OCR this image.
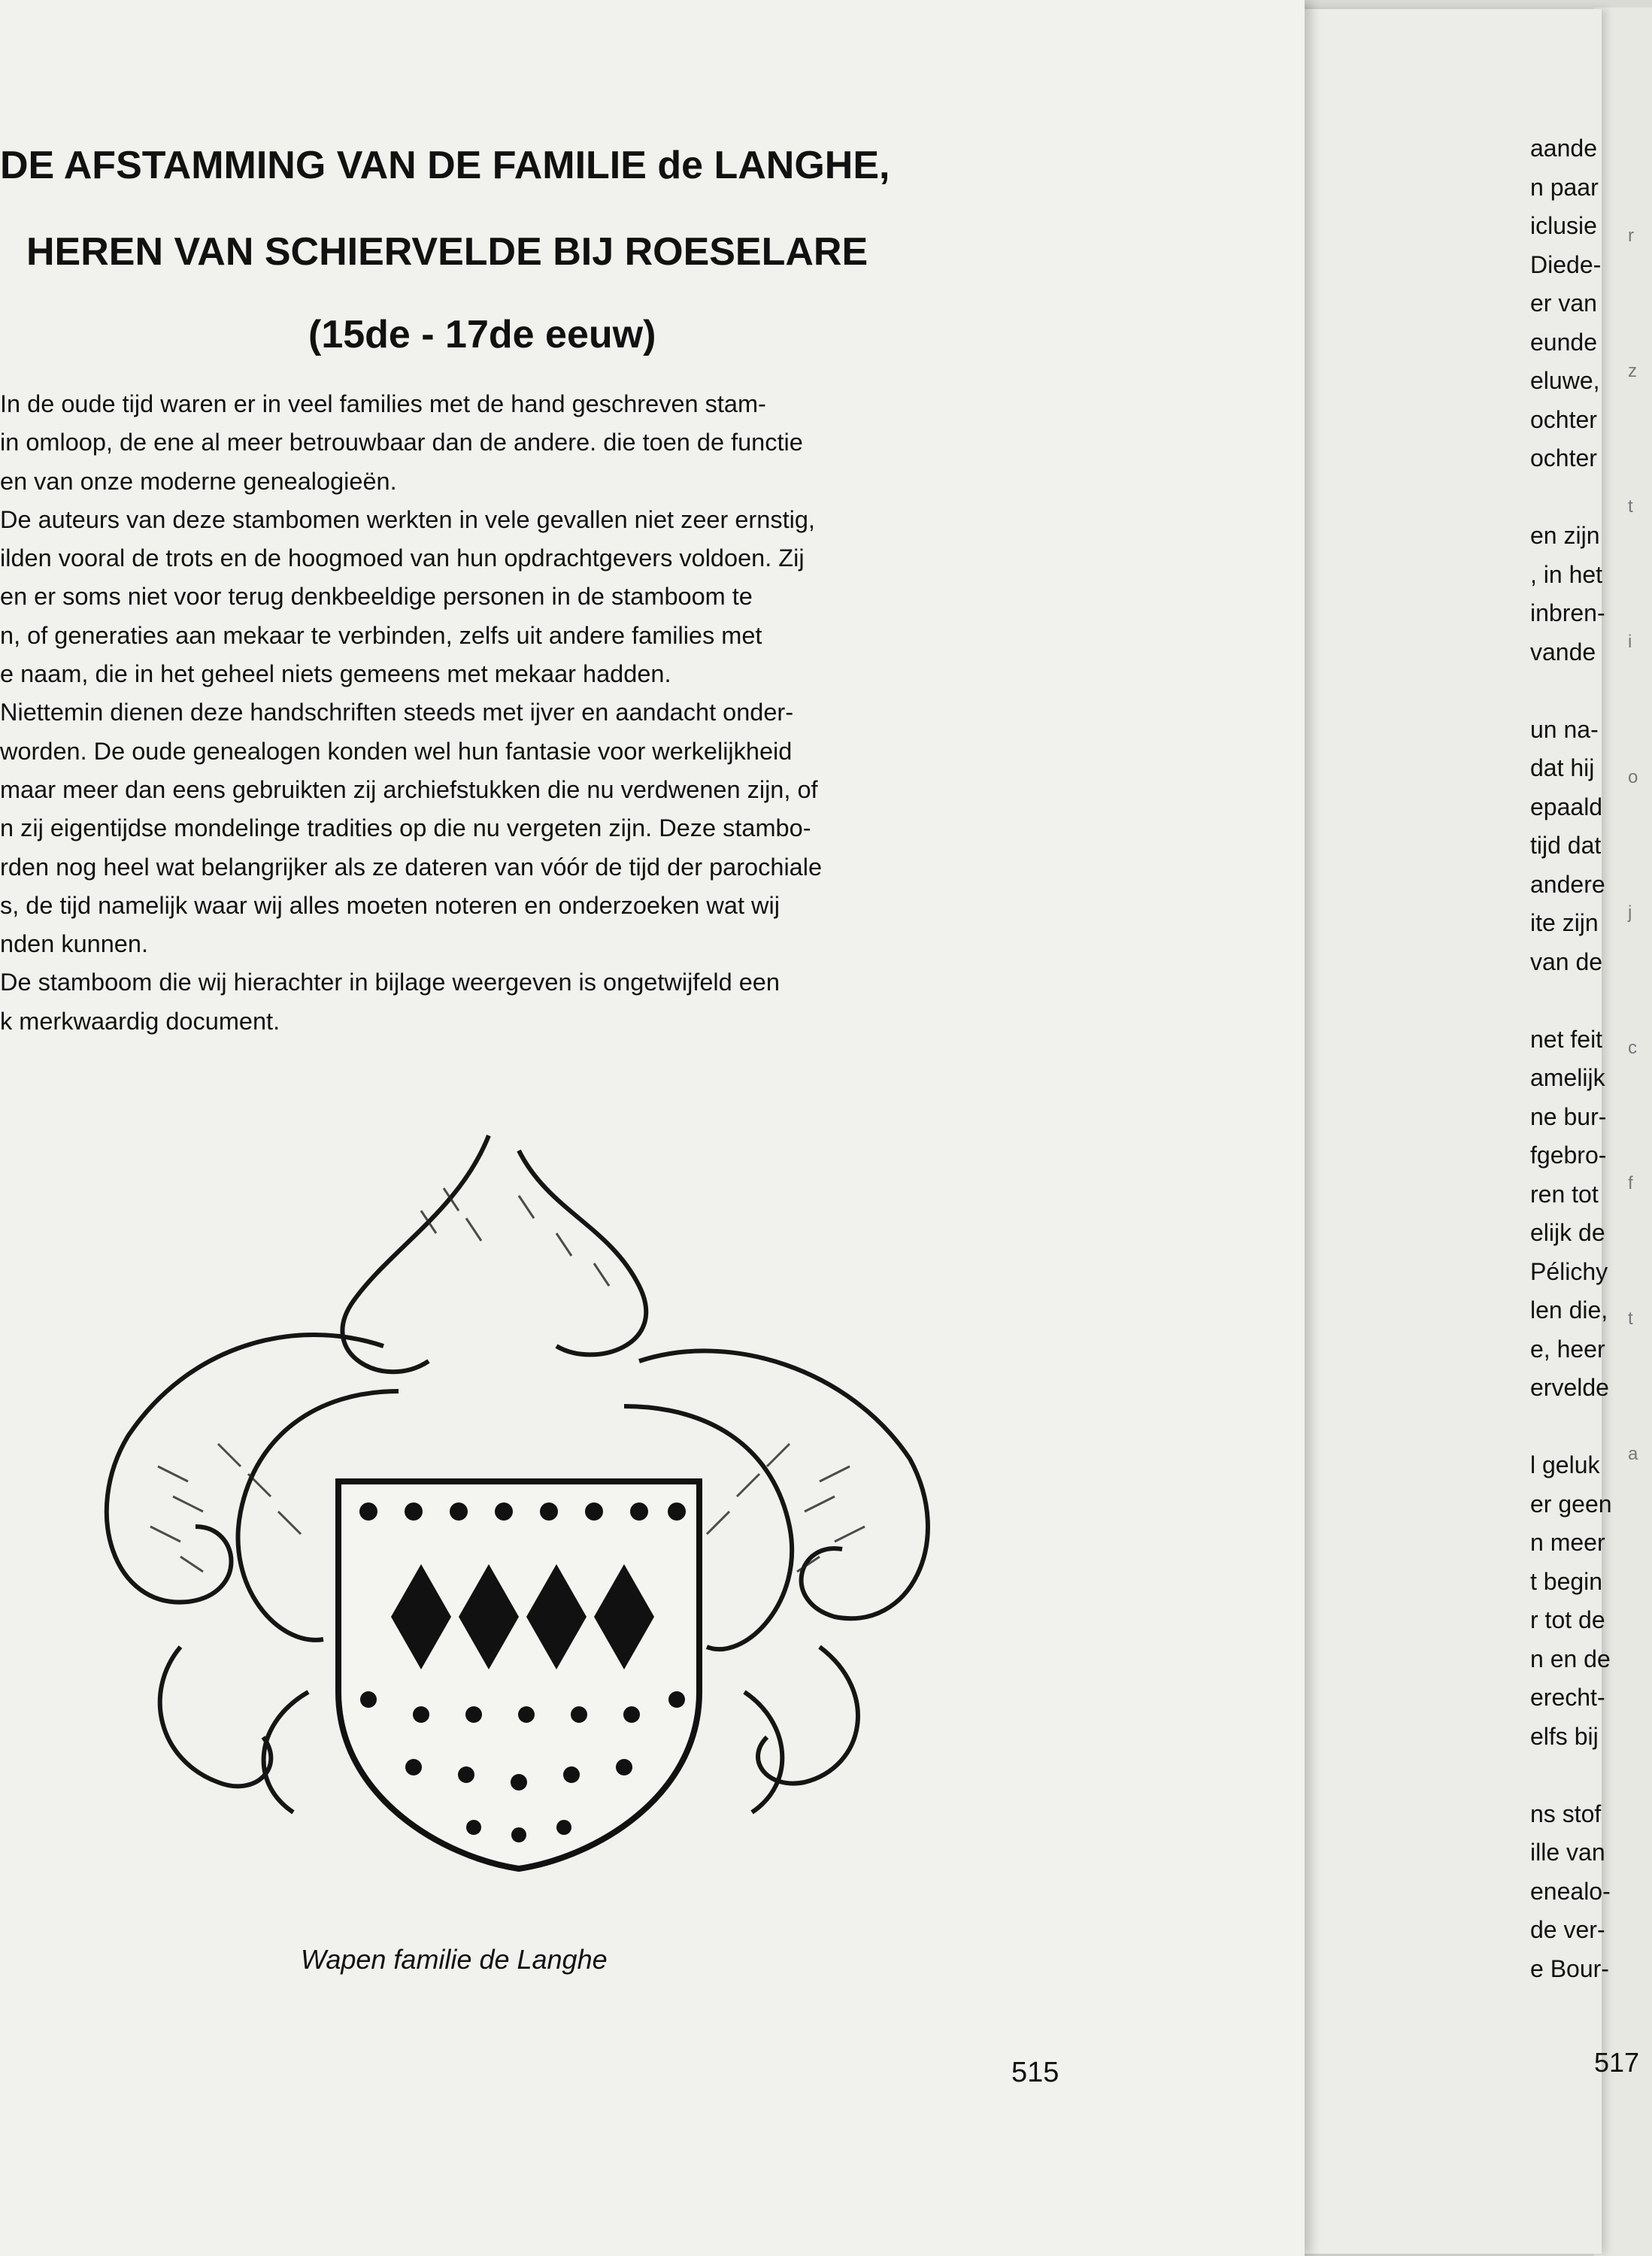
aande
n paar
iclusie
Diede-
er van
eunde
eluwe,
ochter
ochter
en zijn
, in het
inbren-
vande
un na-
dat hij
epaald
tijd dat
andere
ite zijn
van de
net feit
amelijk
ne bur-
fgebro-
ren tot
elijk de
Pélichy
len die,
e, heer
ervelde
l geluk
er geen
n meer
t begin
r tot de
n en de
erecht-
elfs bij
ns stof
ille van
enealo-
de ver-
e Bour-
517
DE AFSTAMMING VAN DE FAMILIE de LANGHE,
HEREN VAN SCHIERVELDE BIJ ROESELARE
(15de - 17de eeuw)
In de oude tijd waren er in veel families met de hand geschreven stam-
in omloop, de ene al meer betrouwbaar dan de andere. die toen de functie
en van onze moderne genealogieën.
De auteurs van deze stambomen werkten in vele gevallen niet zeer ernstig,
ilden vooral de trots en de hoogmoed van hun opdrachtgevers voldoen. Zij
en er soms niet voor terug denkbeeldige personen in de stamboom te
n, of generaties aan mekaar te verbinden, zelfs uit andere families met
e naam, die in het geheel niets gemeens met mekaar hadden.
Niettemin dienen deze handschriften steeds met ijver en aandacht onder-
worden. De oude genealogen konden wel hun fantasie voor werkelijkheid
maar meer dan eens gebruikten zij archiefstukken die nu verdwenen zijn, of
n zij eigentijdse mondelinge tradities op die nu vergeten zijn. Deze stambo-
rden nog heel wat belangrijker als ze dateren van vóór de tijd der parochiale
s, de tijd namelijk waar wij alles moeten noteren en onderzoeken wat wij
nden kunnen.
De stamboom die wij hierachter in bijlage weergeven is ongetwijfeld een
k merkwaardig document.
Wapen familie de Langhe
515
r
z
t
i
o
j
c
f
t
a
